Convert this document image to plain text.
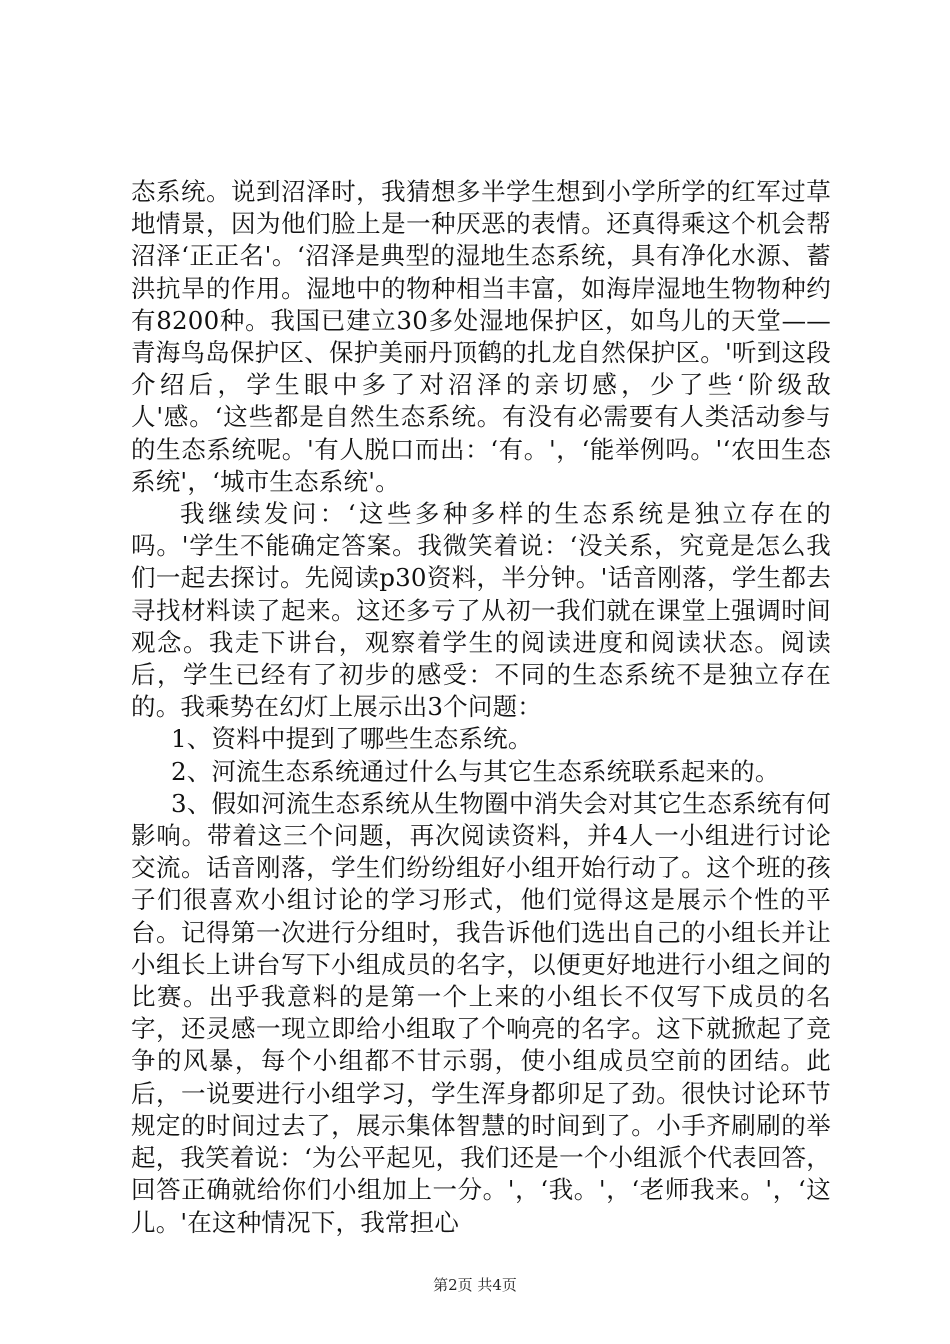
态系统。说到沼泽时，我猜想多半学生想到小学所学的红军过草地情景，因为他们脸上是一种厌恶的表情。还真得乘这个机会帮沼泽‘正正名'。‘沼泽是典型的湿地生态系统，具有净化水源、蓄洪抗旱的作用。湿地中的物种相当丰富，如海岸湿地生物物种约有8200种。我国已建立30多处湿地保护区，如鸟儿的天堂——青海鸟岛保护区、保护美丽丹顶鹤的扎龙自然保护区。'听到这段介绍后，学生眼中多了对沼泽的亲切感，少了些‘阶级敌人'感。‘这些都是自然生态系统。有没有必需要有人类活动参与的生态系统呢。'有人脱口而出：‘有。'，‘能举例吗。'‘农田生态系统'，‘城市生态系统'。

我继续发问：‘这些多种多样的生态系统是独立存在的吗。'学生不能确定答案。我微笑着说：‘没关系，究竟是怎么我们一起去探讨。先阅读p30资料，半分钟。'话音刚落，学生都去寻找材料读了起来。这还多亏了从初一我们就在课堂上强调时间观念。我走下讲台，观察着学生的阅读进度和阅读状态。阅读后，学生已经有了初步的感受：不同的生态系统不是独立存在的。我乘势在幻灯上展示出3个问题：

1、资料中提到了哪些生态系统。

2、河流生态系统通过什么与其它生态系统联系起来的。

3、假如河流生态系统从生物圈中消失会对其它生态系统有何影响。带着这三个问题，再次阅读资料，并4人一小组进行讨论交流。话音刚落，学生们纷纷组好小组开始行动了。这个班的孩子们很喜欢小组讨论的学习形式，他们觉得这是展示个性的平台。记得第一次进行分组时，我告诉他们选出自己的小组长并让小组长上讲台写下小组成员的名字，以便更好地进行小组之间的比赛。出乎我意料的是第一个上来的小组长不仅写下成员的名字，还灵感一现立即给小组取了个响亮的名字。这下就掀起了竞争的风暴，每个小组都不甘示弱，使小组成员空前的团结。此后，一说要进行小组学习，学生浑身都卯足了劲。很快讨论环节规定的时间过去了，展示集体智慧的时间到了。小手齐刷刷的举起，我笑着说：‘为公平起见，我们还是一个小组派个代表回答，回答正确就给你们小组加上一分。'，‘我。'，‘老师我来。'，‘这儿。'在这种情况下，我常担心

第2页 共4页
